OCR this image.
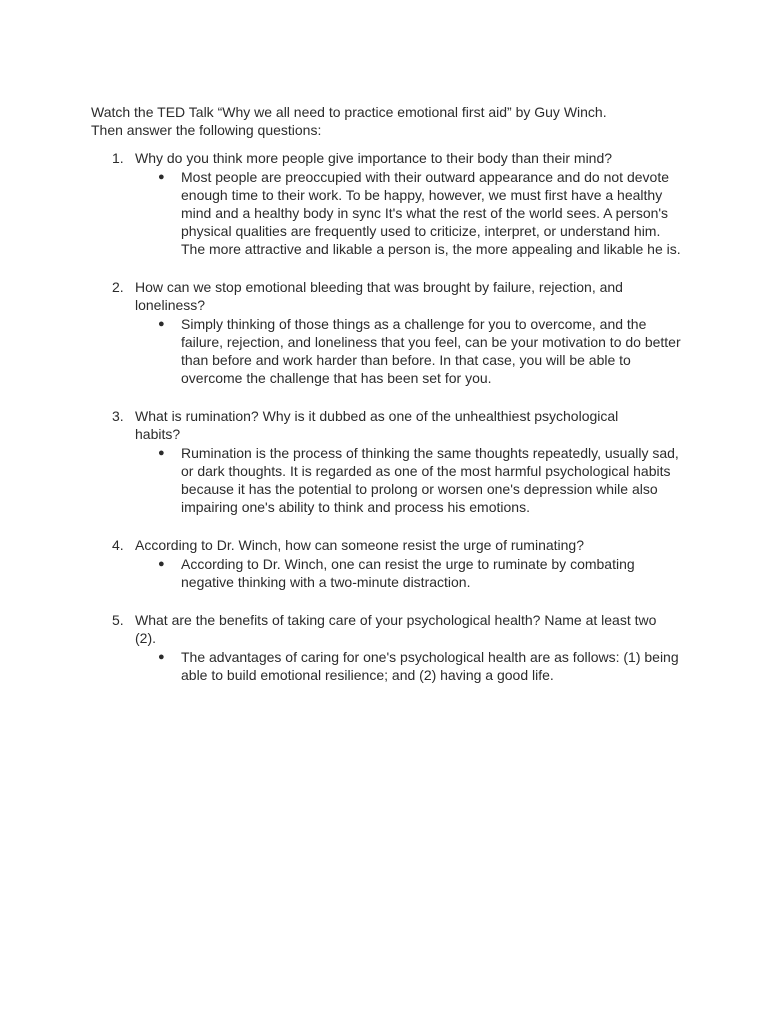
Watch the TED Talk “Why we all need to practice emotional first aid” by Guy Winch.

Then answer the following questions:

1. Why do you think more people give importance to their body than their mind?
● Most people are preoccupied with their outward appearance and do not devote enough time to their work. To be happy, however, we must first have a healthy mind and a healthy body in sync It's what the rest of the world sees. A person's physical qualities are frequently used to criticize, interpret, or understand him. The more attractive and likable a person is, the more appealing and likable he is.
2. How can we stop emotional bleeding that was brought by failure, rejection, and loneliness?
● Simply thinking of those things as a challenge for you to overcome, and the failure, rejection, and loneliness that you feel, can be your motivation to do better than before and work harder than before. In that case, you will be able to overcome the challenge that has been set for you.
3. What is rumination? Why is it dubbed as one of the unhealthiest psychological habits?
● Rumination is the process of thinking the same thoughts repeatedly, usually sad, or dark thoughts. It is regarded as one of the most harmful psychological habits because it has the potential to prolong or worsen one's depression while also impairing one's ability to think and process his emotions.
4. According to Dr. Winch, how can someone resist the urge of ruminating?
● According to Dr. Winch, one can resist the urge to ruminate by combating negative thinking with a two-minute distraction.
5. What are the benefits of taking care of your psychological health? Name at least two (2).
● The advantages of caring for one's psychological health are as follows: (1) being able to build emotional resilience; and (2) having a good life.
